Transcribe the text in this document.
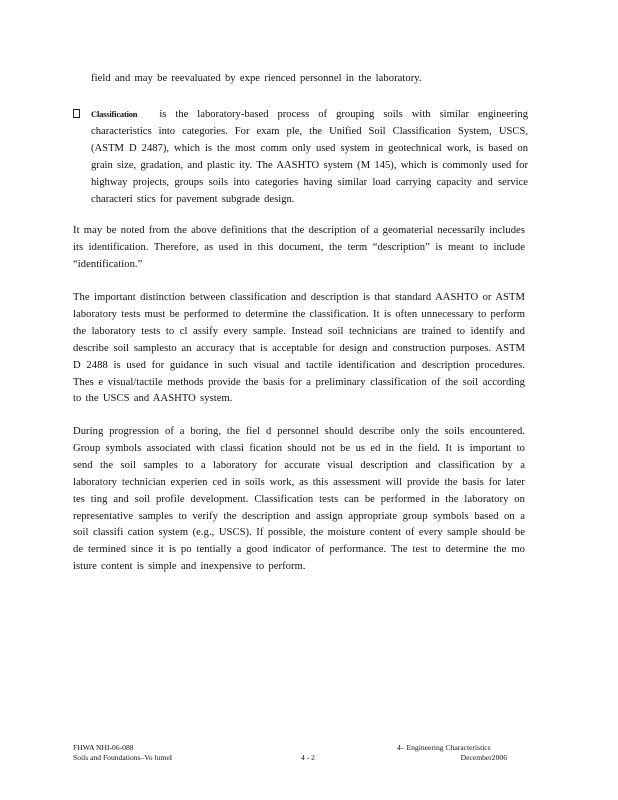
field and may be reevaluated by expe rienced personnel in the laboratory.

Classification is the laboratory-based process of grouping soils with similar engineering characteristics into categories. For exam ple, the Unified Soil Classification System, USCS, (ASTM D 2487), which is the most comm only used system in geotechnical work, is based on grain size, gradation, and plastic ity. The AASHTO system (M 145), which is commonly used for highway projects, groups soils into categories having similar load carrying capacity and service characteri stics for pavement subgrade design.

It may be noted from the above definitions that the description of a geomaterial necessarily includes its identification. Therefore, as used in this document, the term “description” is meant to include “identification.”

The important distinction between classification and description is that standard AASHTO or ASTM laboratory tests must be performed to determine the classification. It is often unnecessary to perform the laboratory tests to cl assify every sample. Instead soil technicians are trained to identify and describe soil samplesto an accuracy that is acceptable for design and construction purposes. ASTM D 2488 is used for guidance in such visual and tactile identification and description procedures. Thes e visual/tactile methods provide the basis for a preliminary classification of the soil according to the USCS and AASHTO system.

During progression of a boring, the fiel d personnel should describe only the soils encountered. Group symbols associated with classi fication should not be us ed in the field. It is important to send the soil samples to a laboratory for accurate visual description and classification by a laboratory technician experien ced in soils work, as this assessment will provide the basis for later tes ting and soil profile development. Classification tests can be performed in the laboratory on representative samples to verify the description and assign appropriate group symbols based on a soil classifi cation system (e.g., USCS). If possible, the moisture content of every sample should be de termined since it is po tentially a good indicator of performance. The test to determine the mo isture content is simple and inexpensive to perform.

FHWA NHI-06-088
Soils and Foundations–Vo lumeI	4 - 2
4– Engineering Characteristics
December2006
